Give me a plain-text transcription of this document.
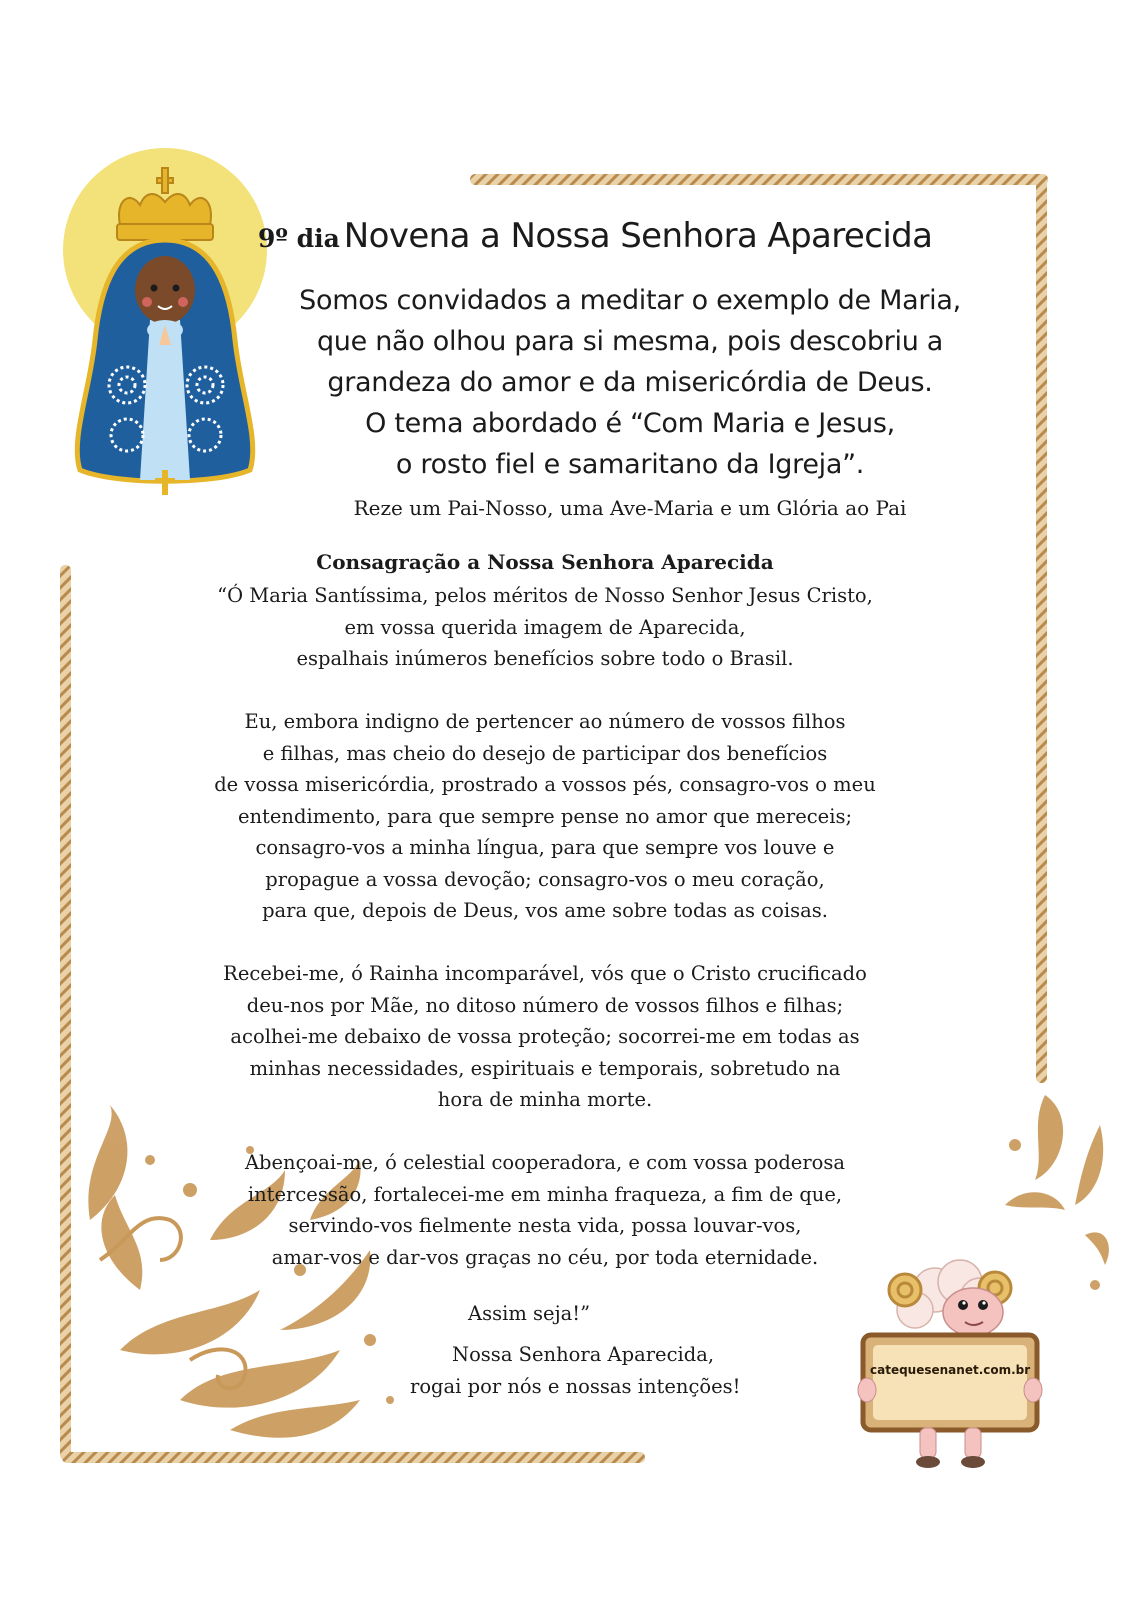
9º dia Novena a Nossa Senhora Aparecida
Somos convidados a meditar o exemplo de Maria,
que não olhou para si mesma, pois descobriu a
grandeza do amor e da misericórdia de Deus.
O tema abordado é “Com Maria e Jesus,
o rosto fiel e samaritano da Igreja”.
Reze um Pai-Nosso, uma Ave-Maria e um Glória ao Pai
Consagração a Nossa Senhora Aparecida
“Ó Maria Santíssima, pelos méritos de Nosso Senhor Jesus Cristo,
em vossa querida imagem de Aparecida,
espalhais inúmeros benefícios sobre todo o Brasil.
Eu, embora indigno de pertencer ao número de vossos filhos
e filhas, mas cheio do desejo de participar dos benefícios
de vossa misericórdia, prostrado a vossos pés, consagro-vos o meu
entendimento, para que sempre pense no amor que mereceis;
consagro-vos a minha língua, para que sempre vos louve e
propague a vossa devoção; consagro-vos o meu coração,
para que, depois de Deus, vos ame sobre todas as coisas.
Recebei-me, ó Rainha incomparável, vós que o Cristo crucificado
deu-nos por Mãe, no ditoso número de vossos filhos e filhas;
acolhei-me debaixo de vossa proteção; socorrei-me em todas as
minhas necessidades, espirituais e temporais, sobretudo na
hora de minha morte.
Abençoai-me, ó celestial cooperadora, e com vossa poderosa
intercessão, fortalecei-me em minha fraqueza, a fim de que,
servindo-vos fielmente nesta vida, possa louvar-vos,
amar-vos e dar-vos graças no céu, por toda eternidade.
Assim seja!”
Nossa Senhora Aparecida,
rogai por nós e nossas intenções!
catequesenanet.com.br
